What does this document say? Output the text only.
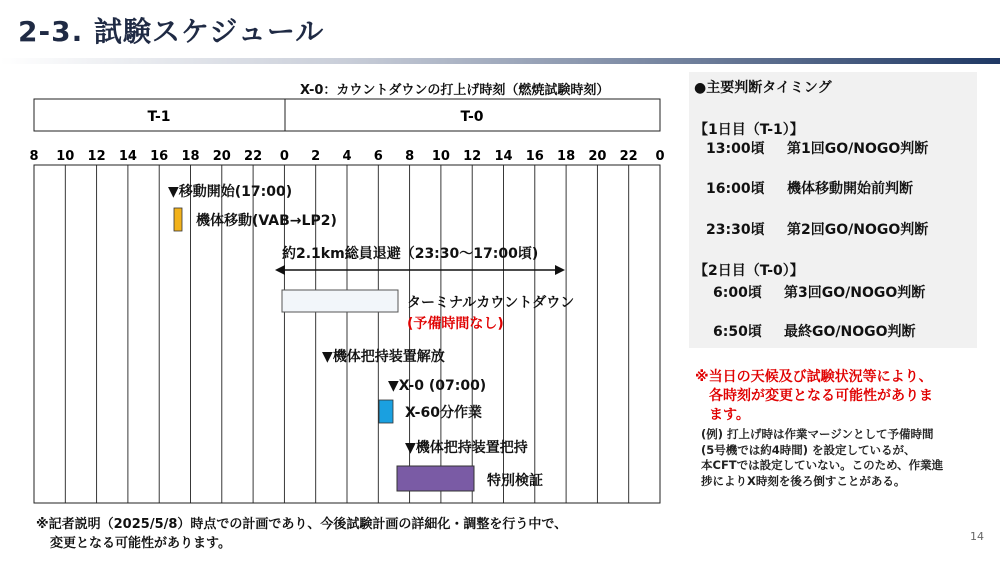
2-3. 試験スケジュール
X-0：カウントダウンの打上げ時刻（燃焼試験時刻）
T-1	T-0
8 10 12 14 16 18 20 22 0 2 4 6 8 10 12 14 16 18 20 22 0
▼移動開始(17:00)
機体移動(VAB→LP2)
約2.1km総員退避（23:30～17:00頃)
ターミナルカウントダウン
(予備時間なし)
▼機体把持装置解放
▼X-0 (07:00)
X-60分作業
▼機体把持装置把持
特別検証
●主要判断タイミング
【1日目（T-1）】
13:00頃 第1回GO/NOGO判断
16:00頃 機体移動開始前判断
23:30頃 第2回GO/NOGO判断
【2日目（T-0）】
6:00頃 第3回GO/NOGO判断
6:50頃 最終GO/NOGO判断
※当日の天候及び試験状況等により、
各時刻が変更となる可能性がありま
ます。
(例) 打上げ時は作業マージンとして予備時間
(5号機では約4時間) を設定しているが、
本CFTでは設定していない。このため、作業進
捗によりX時刻を後ろ倒すことがある。
※記者説明（2025/5/8）時点での計画であり、今後試験計画の詳細化・調整を行う中で、
変更となる可能性があります。	14
